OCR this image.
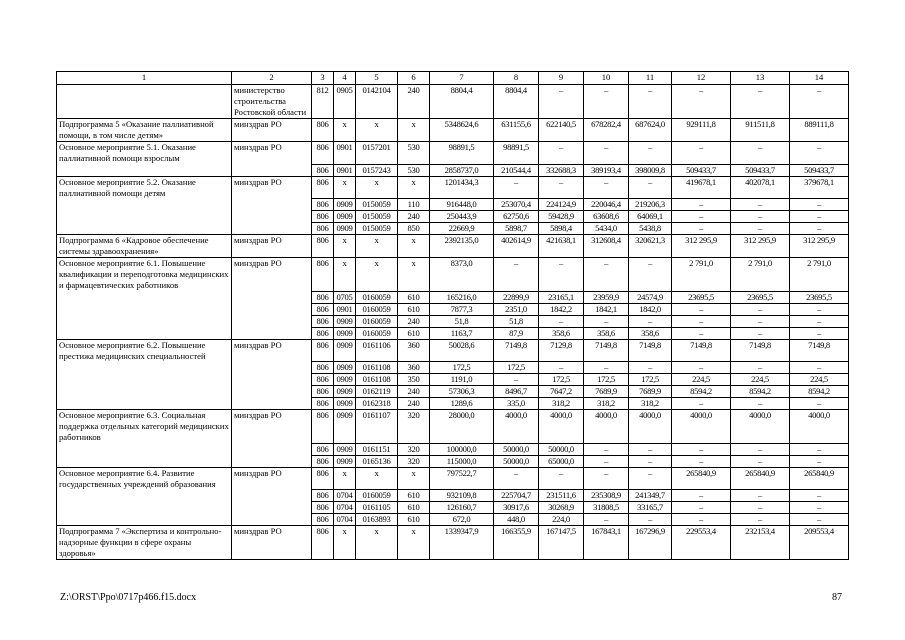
1	2	3	4	5	6	7	8	9	10	11	12	13	14
	министерство строительства Ростовской области	812	0905	0142104	240	8804,4	8804,4	–	–	–	–	–	–
Подпрограмма 5 «Оказание паллиативной помощи, в том числе детям»	минздрав РО	806	х	х	х	5348624,6	631155,6	622140,5	678282,4	687624,0	929111,8	911511,8	889111,8
Основное мероприятие 5.1. Оказание паллиативной помощи взрослым	минздрав РО	806	0901	0157201	530	98891,5	98891,5	–	–	–	–	–	–
		806	0901	0157243	530	2858737,0	210544,4	332688,3	389193,4	398009,8	509433,7	509433,7	509433,7
Основное мероприятие 5.2. Оказание паллиативной помощи детям	минздрав РО	806	х	х	х	1201434,3	–	–	–	–	419678,1	402078,1	379678,1
		806	0909	0150059	110	916448,0	253070,4	224124,9	220046,4	219206,3	–	–	–
		806	0909	0150059	240	250443,9	62750,6	59428,9	63608,6	64069,1	–	–	–
		806	0909	0150059	850	22669,9	5898,7	5898,4	5434,0	5438,8	–	–	–
Подпрограмма 6 «Кадровое обеспечение системы здравоохранения»	минздрав РО	806	х	х	х	2392135,0	402614,9	421638,1	312608,4	320621,3	312 295,9	312 295,9	312 295,9
Основное мероприятие 6.1. Повышение квалификации и переподготовка медицинских и фармацевтических работников	минздрав РО	806	х	х	х	8373,0	–	–	–	–	2 791,0	2 791,0	2 791,0
		806	0705	0160059	610	165216,0	22899,9	23165,1	23959,9	24574,9	23695,5	23695,5	23695,5
		806	0901	0160059	610	7877,3	2351,0	1842,2	1842,1	1842,0	–	–	–
		806	0909	0160059	240	51,8	51,8	–	–	–	–	–	–
		806	0909	0160059	610	1163,7	87,9	358,6	358,6	358,6	–	–	–
Основное мероприятие 6.2. Повышение престижа медицинских специальностей	минздрав РО	806	0909	0161106	360	50028,6	7149,8	7129,8	7149,8	7149,8	7149,8	7149,8	7149,8
		806	0909	0161108	360	172,5	172,5	–	–	–	–	–	–
		806	0909	0161108	350	1191,0	–	172,5	172,5	172,5	224,5	224,5	224,5
		806	0909	0162119	240	57306,3	8496,7	7647,2	7689,9	7689,9	8594,2	8594,2	8594,2
		806	0909	0162318	240	1289,6	335,0	318,2	318,2	318,2	–	–	–
Основное мероприятие 6.3. Социальная поддержка отдельных категорий медицинских работников	минздрав РО	806	0909	0161107	320	28000,0	4000,0	4000,0	4000,0	4000,0	4000,0	4000,0	4000,0
		806	0909	0161151	320	100000,0	50000,0	50000,0	–	–	–	–	–
		806	0909	0165136	320	115000,0	50000,0	65000,0	–	–	–	–	–
Основное мероприятие 6.4. Развитие государственных учреждений образования	минздрав РО	806	х	х	х	797522,7	–	–	–	–	265840,9	265840,9	265840,9
		806	0704	0160059	610	932109,8	225704,7	231511,6	235308,9	241349,7	–	–	–
		806	0704	0161105	610	126160,7	30917,6	30268,9	31808,5	33165,7	–	–	–
		806	0704	0163893	610	672,0	448,0	224,0	–	–	–	–	–
Подпрограмма 7 «Экспертиза и контрольно-надзорные функции в сфере охраны здоровья»	минздрав РО	806	х	х	х	1339347,9	166355,9	167147,5	167843,1	167296,9	229553,4	232153,4	209553,4
Z:\ORST\Ppo\0717p466.f15.docx	87
